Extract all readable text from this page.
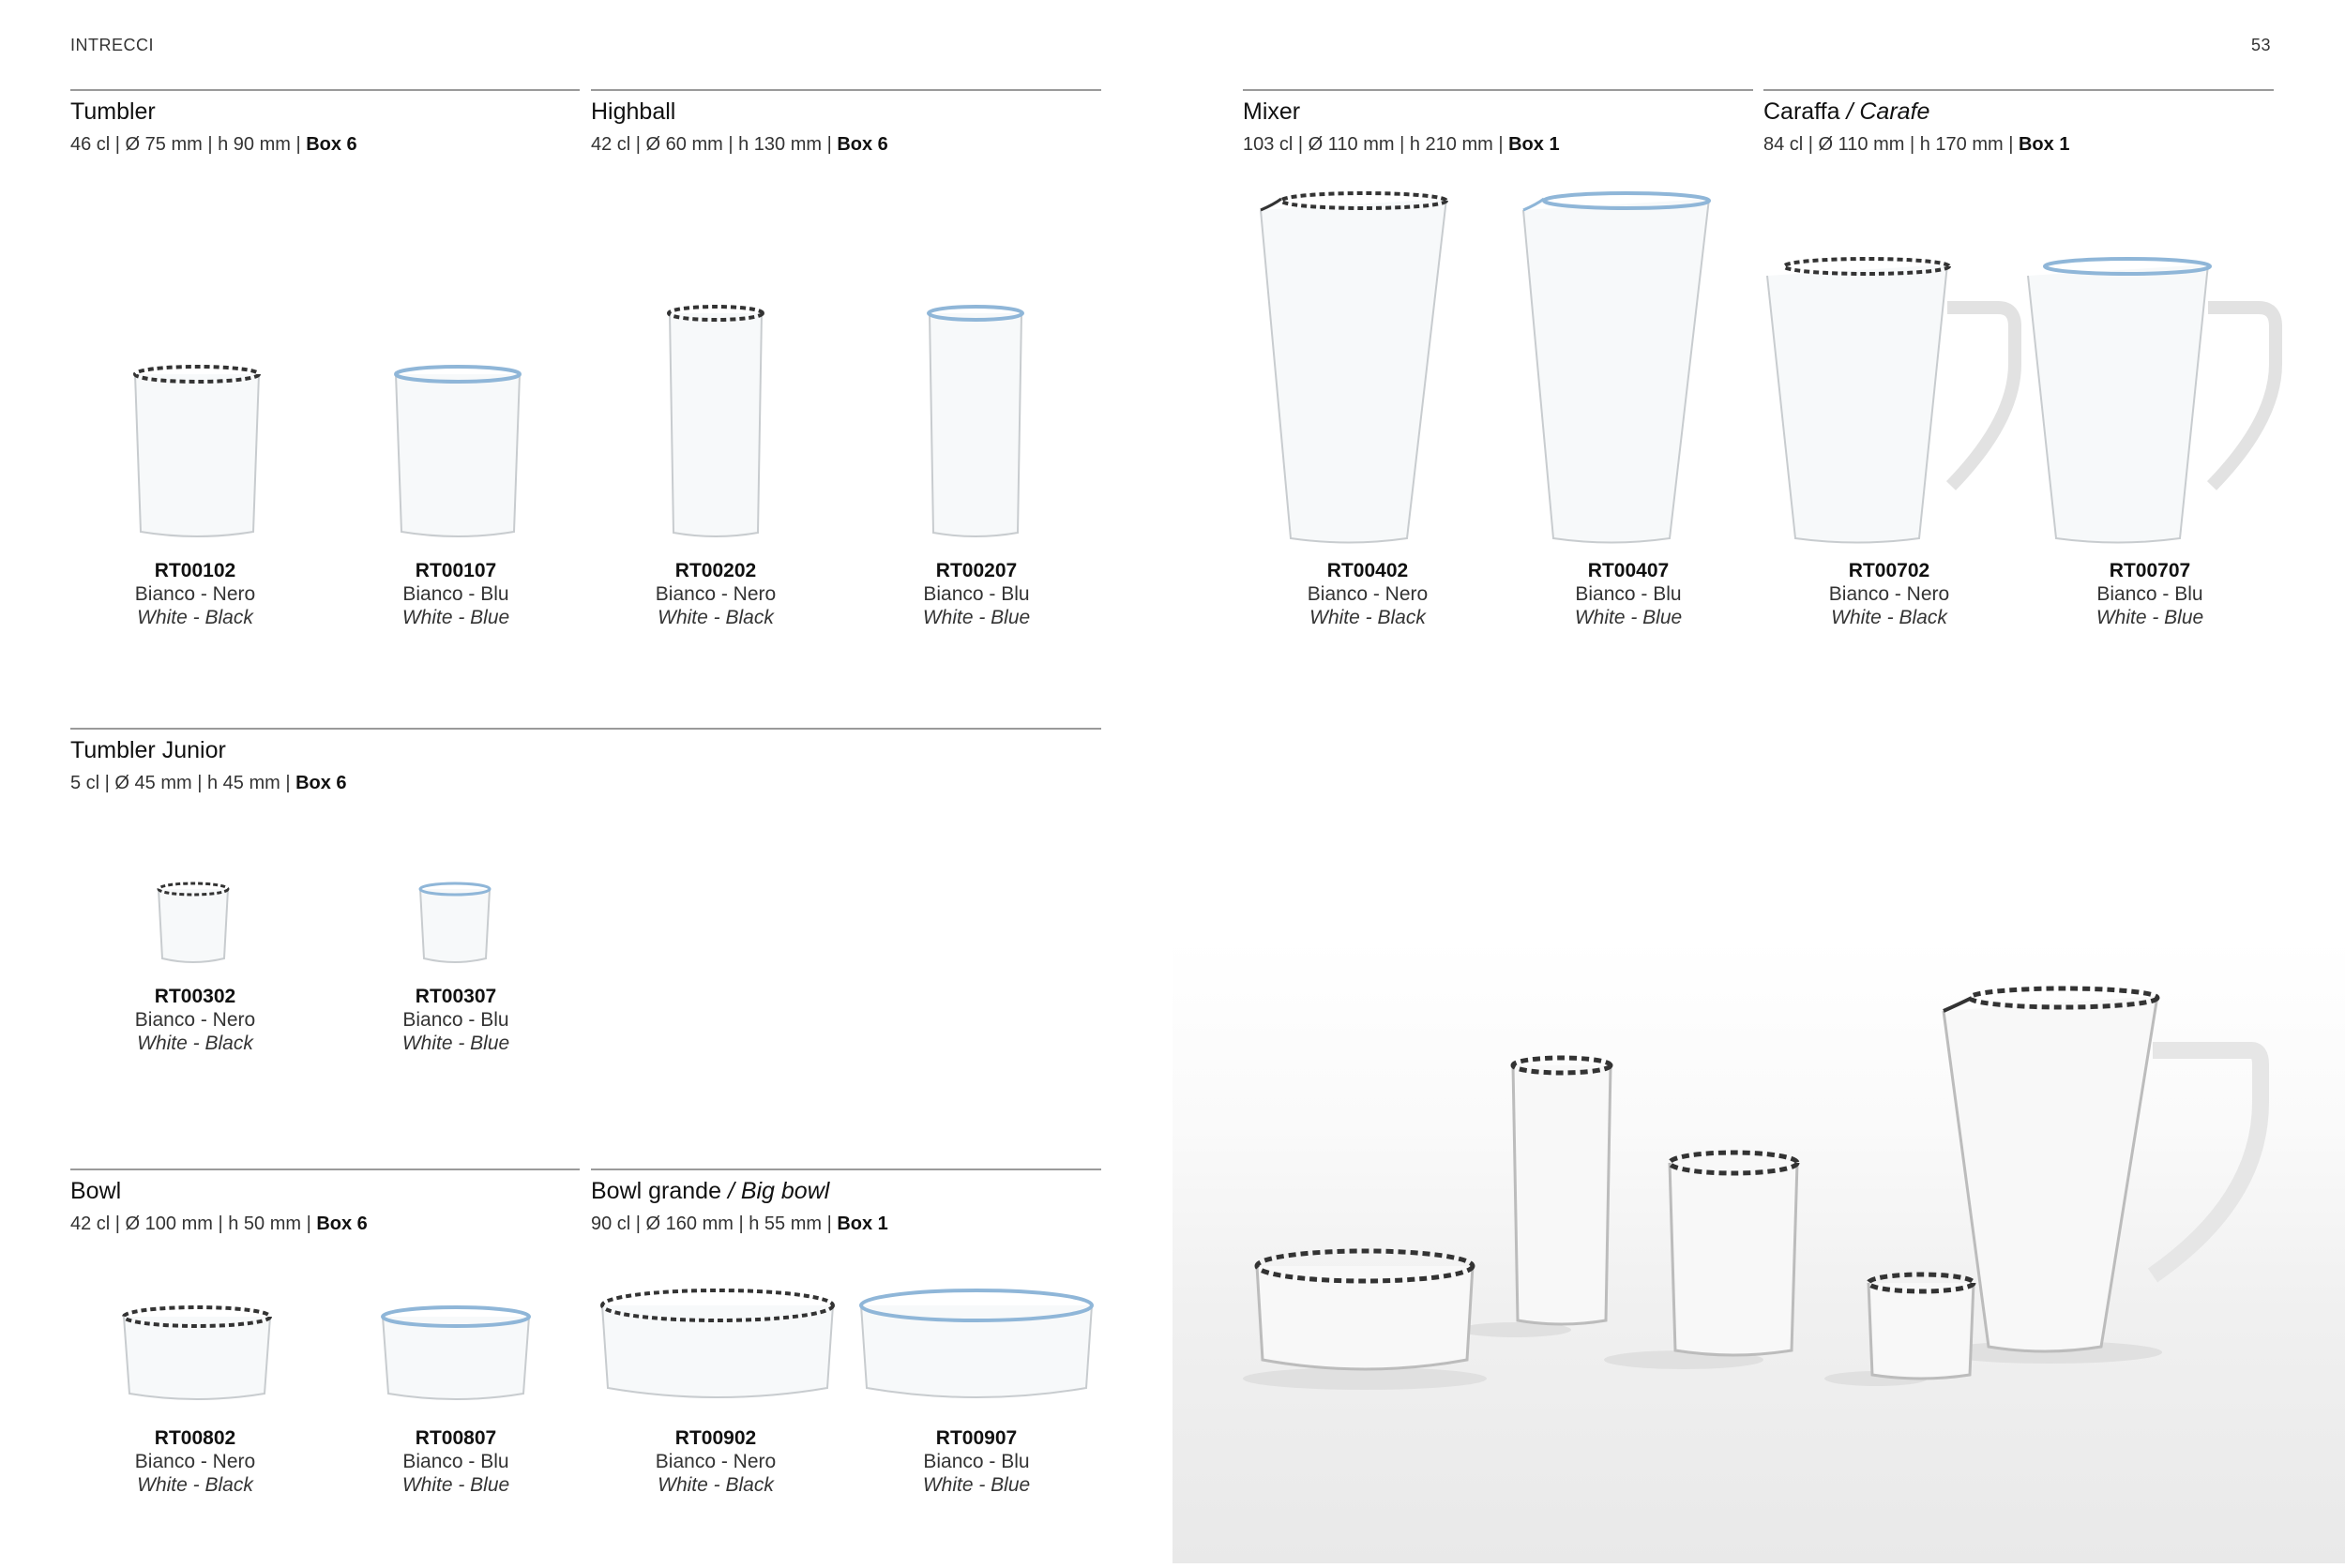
INTRECCI	53
Tumbler
46 cl | Ø 75 mm | h 90 mm | Box 6
RT00102
Bianco - Nero
White - Black
RT00107
Bianco - Blu
White - Blue
Highball
42 cl | Ø 60 mm | h 130 mm | Box 6
RT00202
Bianco - Nero
White - Black
RT00207
Bianco - Blu
White - Blue
Mixer
103 cl | Ø 110 mm | h 210 mm | Box 1
RT00402
Bianco - Nero
White - Black
RT00407
Bianco - Blu
White - Blue
Caraffa / Carafe
84 cl | Ø 110 mm | h 170 mm | Box 1
RT00702
Bianco - Nero
White - Black
RT00707
Bianco - Blu
White - Blue
Tumbler Junior
5 cl | Ø 45 mm | h 45 mm | Box 6
RT00302
Bianco - Nero
White - Black
RT00307
Bianco - Blu
White - Blue
Bowl
42 cl | Ø 100 mm | h 50 mm | Box 6
RT00802
Bianco - Nero
White - Black
RT00807
Bianco - Blu
White - Blue
Bowl grande / Big bowl
90 cl | Ø 160 mm | h 55 mm | Box 1
RT00902
Bianco - Nero
White - Black
RT00907
Bianco - Blu
White - Blue
